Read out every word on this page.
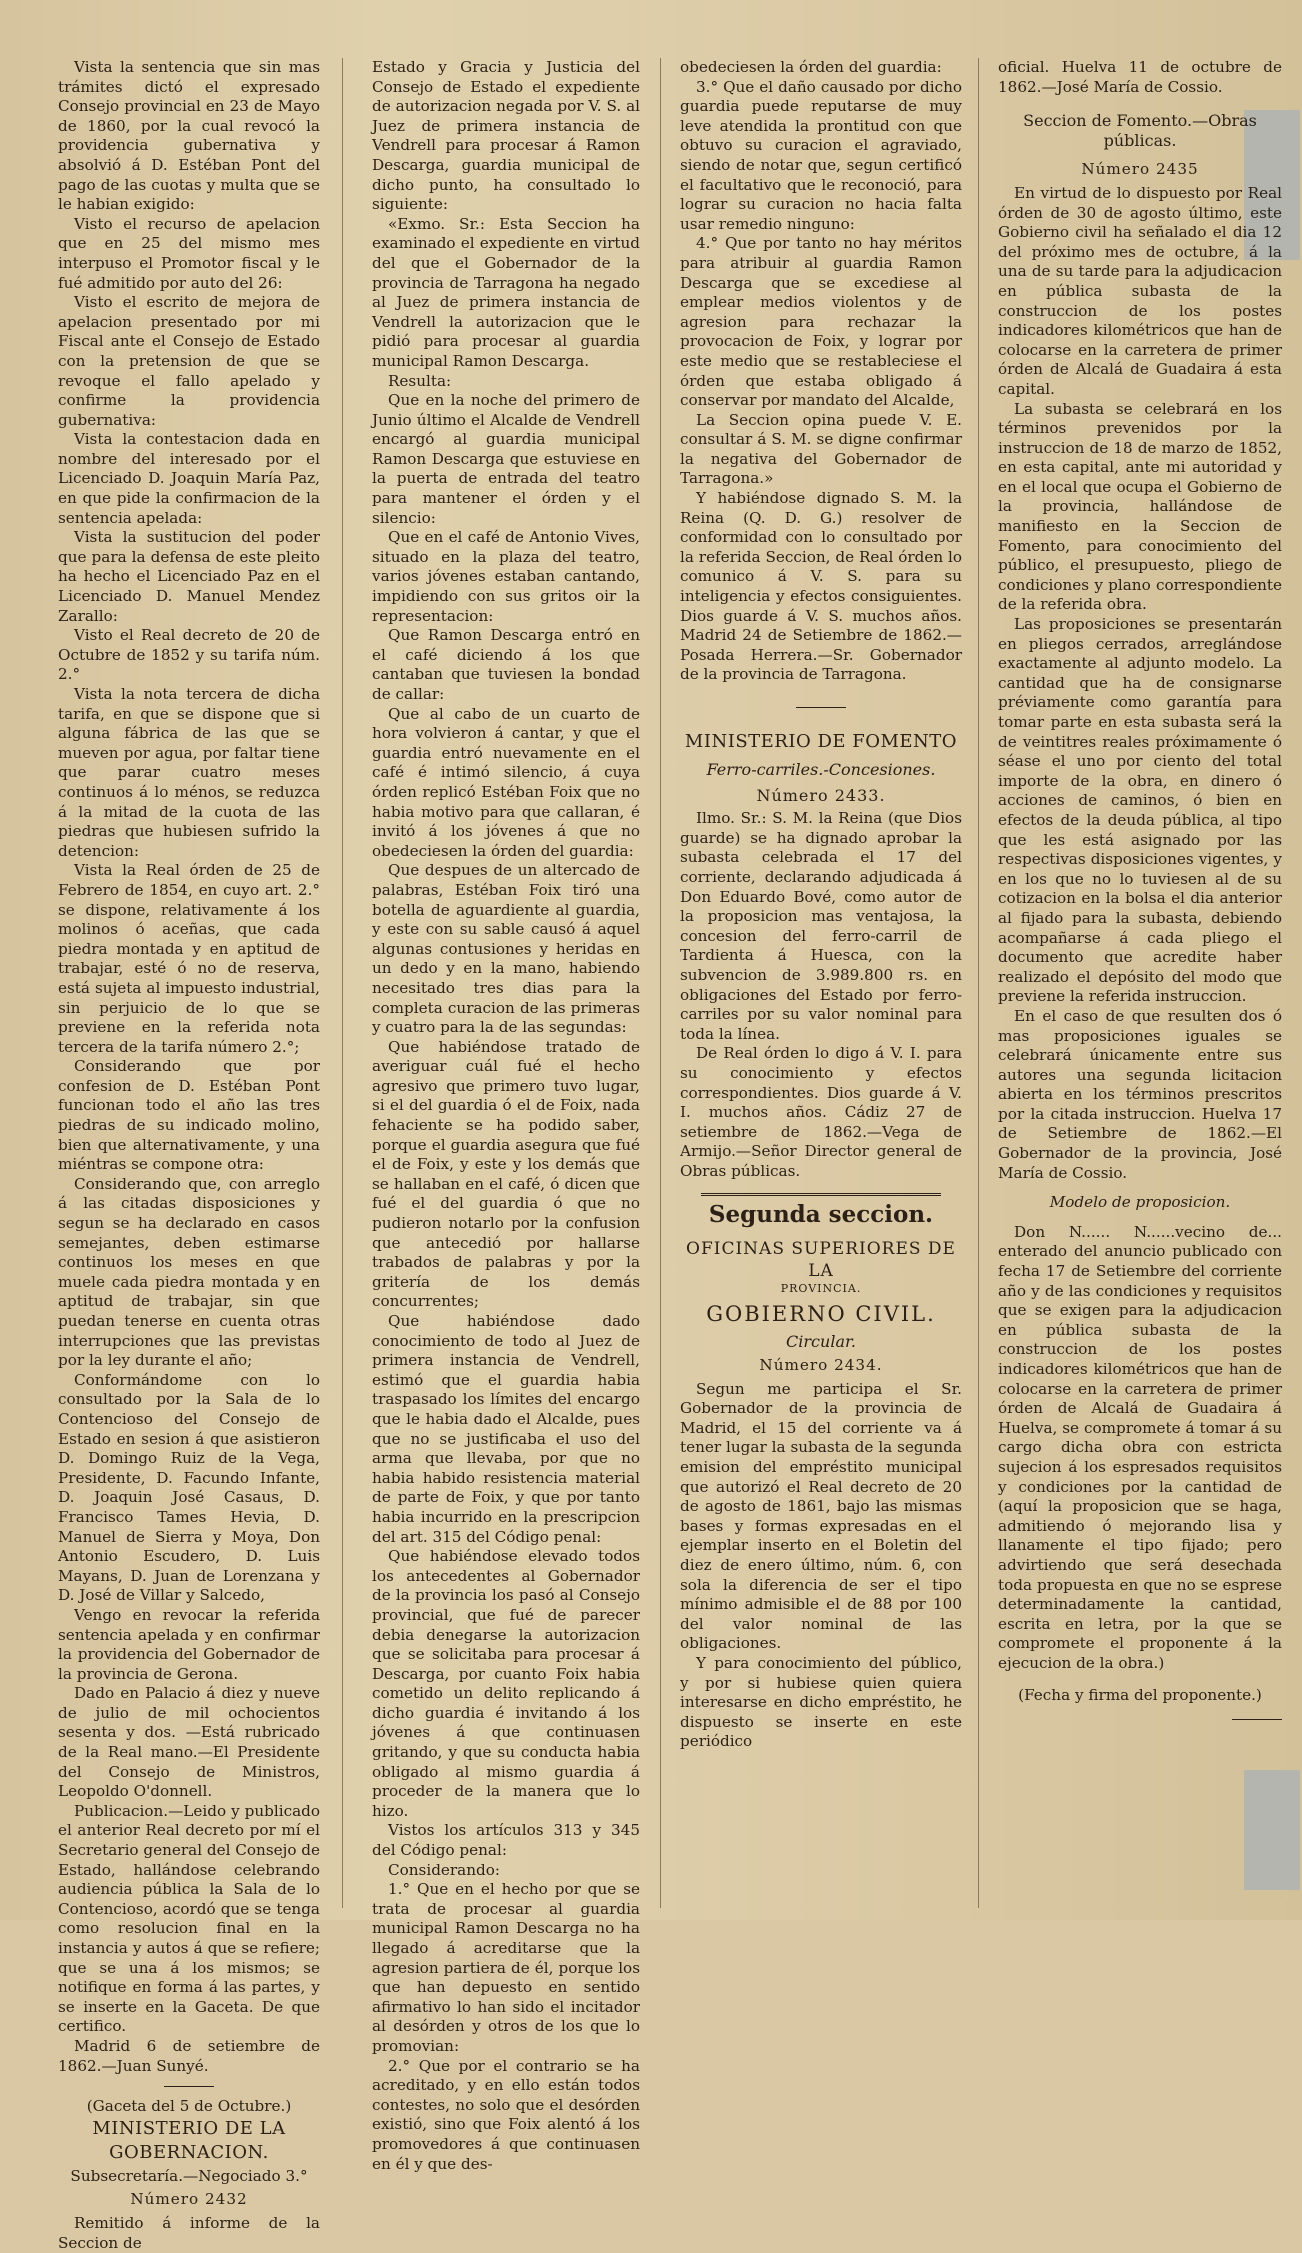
Vista la sentencia que sin mas trámites dictó el expresado Consejo provincial en 23 de Mayo de 1860, por la cual revocó la providencia gubernativa y absolvió á D. Estéban Pont del pago de las cuotas y multa que se le habian exigido:

Visto el recurso de apelacion que en 25 del mismo mes interpuso el Promotor fiscal y le fué admitido por auto del 26:

Visto el escrito de mejora de apelacion presentado por mi Fiscal ante el Consejo de Estado con la pretension de que se revoque el fallo apelado y confirme la providencia gubernativa:

Vista la contestacion dada en nombre del interesado por el Licenciado D. Joaquin María Paz, en que pide la confirmacion de la sentencia apelada:

Vista la sustitucion del poder que para la defensa de este pleito ha hecho el Licenciado Paz en el Licenciado D. Manuel Mendez Zarallo:

Visto el Real decreto de 20 de Octubre de 1852 y su tarifa núm. 2.°

Vista la nota tercera de dicha tarifa, en que se dispone que si alguna fábrica de las que se mueven por agua, por faltar tiene que parar cuatro meses continuos á lo ménos, se reduzca á la mitad de la cuota de las piedras que hubiesen sufrido la detencion:

Vista la Real órden de 25 de Febrero de 1854, en cuyo art. 2.° se dispone, relativamente á los molinos ó aceñas, que cada piedra montada y en aptitud de trabajar, esté ó no de reserva, está sujeta al impuesto industrial, sin perjuicio de lo que se previene en la referida nota tercera de la tarifa número 2.°;

Considerando que por confesion de D. Estéban Pont funcionan todo el año las tres piedras de su indicado molino, bien que alternativamente, y una miéntras se compone otra:

Considerando que, con arreglo á las citadas disposiciones y segun se ha declarado en casos semejantes, deben estimarse continuos los meses en que muele cada piedra montada y en aptitud de trabajar, sin que puedan tenerse en cuenta otras interrupciones que las previstas por la ley durante el año;

Conformándome con lo consultado por la Sala de lo Contencioso del Consejo de Estado en sesion á que asistieron D. Domingo Ruiz de la Vega, Presidente, D. Facundo Infante, D. Joaquin José Casaus, D. Francisco Tames Hevia, D. Manuel de Sierra y Moya, Don Antonio Escudero, D. Luis Mayans, D. Juan de Lorenzana y D. José de Villar y Salcedo,

Vengo en revocar la referida sentencia apelada y en confirmar la providencia del Gobernador de la provincia de Gerona.

Dado en Palacio á diez y nueve de julio de mil ochocientos sesenta y dos. —Está rubricado de la Real mano.—El Presidente del Consejo de Ministros, Leopoldo O'donnell.

Publicacion.—Leido y publicado el anterior Real decreto por mí el Secretario general del Consejo de Estado, hallándose celebrando audiencia pública la Sala de lo Contencioso, acordó que se tenga como resolucion final en la instancia y autos á que se refiere; que se una á los mismos; se notifique en forma á las partes, y se inserte en la Gaceta. De que certifico.

Madrid 6 de setiembre de 1862.—Juan Sunyé.

(Gaceta del 5 de Octubre.)

MINISTERIO DE LA GOBERNACION.

Subsecretaría.—Negociado 3.°

Número 2432

Remitido á informe de la Seccion de

Estado y Gracia y Justicia del Consejo de Estado el expediente de autorizacion negada por V. S. al Juez de primera instancia de Vendrell para procesar á Ramon Descarga, guardia municipal de dicho punto, ha consultado lo siguiente:

«Exmo. Sr.: Esta Seccion ha examinado el expediente en virtud del que el Gobernador de la provincia de Tarragona ha negado al Juez de primera instancia de Vendrell la autorizacion que le pidió para procesar al guardia municipal Ramon Descarga.

Resulta:

Que en la noche del primero de Junio último el Alcalde de Vendrell encargó al guardia municipal Ramon Descarga que estuviese en la puerta de entrada del teatro para mantener el órden y el silencio:

Que en el café de Antonio Vives, situado en la plaza del teatro, varios jóvenes estaban cantando, impidiendo con sus gritos oir la representacion:

Que Ramon Descarga entró en el café diciendo á los que cantaban que tuviesen la bondad de callar:

Que al cabo de un cuarto de hora volvieron á cantar, y que el guardia entró nuevamente en el café é intimó silencio, á cuya órden replicó Estéban Foix que no habia motivo para que callaran, é invitó á los jóvenes á que no obedeciesen la órden del guardia:

Que despues de un altercado de palabras, Estéban Foix tiró una botella de aguardiente al guardia, y este con su sable causó á aquel algunas contusiones y heridas en un dedo y en la mano, habiendo necesitado tres dias para la completa curacion de las primeras y cuatro para la de las segundas:

Que habiéndose tratado de averiguar cuál fué el hecho agresivo que primero tuvo lugar, si el del guardia ó el de Foix, nada fehaciente se ha podido saber, porque el guardia asegura que fué el de Foix, y este y los demás que se hallaban en el café, ó dicen que fué el del guardia ó que no pudieron notarlo por la confusion que antecedió por hallarse trabados de palabras y por la gritería de los demás concurrentes;

Que habiéndose dado conocimiento de todo al Juez de primera instancia de Vendrell, estimó que el guardia habia traspasado los límites del encargo que le habia dado el Alcalde, pues que no se justificaba el uso del arma que llevaba, por que no habia habido resistencia material de parte de Foix, y que por tanto habia incurrido en la prescripcion del art. 315 del Código penal:

Que habiéndose elevado todos los antecedentes al Gobernador de la provincia los pasó al Consejo provincial, que fué de parecer debia denegarse la autorizacion que se solicitaba para procesar á Descarga, por cuanto Foix habia cometido un delito replicando á dicho guardia é invitando á los jóvenes á que continuasen gritando, y que su conducta habia obligado al mismo guardia á proceder de la manera que lo hizo.

Vistos los artículos 313 y 345 del Código penal:

Considerando:

1.° Que en el hecho por que se trata de procesar al guardia municipal Ramon Descarga no ha llegado á acreditarse que la agresion partiera de él, porque los que han depuesto en sentido afirmativo lo han sido el incitador al desórden y otros de los que lo promovian:

2.° Que por el contrario se ha acreditado, y en ello están todos contestes, no solo que el desórden existió, sino que Foix alentó á los promovedores á que continuasen en él y que des-

obedeciesen la órden del guardia:

3.° Que el daño causado por dicho guardia puede reputarse de muy leve atendida la prontitud con que obtuvo su curacion el agraviado, siendo de notar que, segun certificó el facultativo que le reconoció, para lograr su curacion no hacia falta usar remedio ninguno:

4.° Que por tanto no hay méritos para atribuir al guardia Ramon Descarga que se excediese al emplear medios violentos y de agresion para rechazar la provocacion de Foix, y lograr por este medio que se restableciese el órden que estaba obligado á conservar por mandato del Alcalde,

La Seccion opina puede V. E. consultar á S. M. se digne confirmar la negativa del Gobernador de Tarragona.»

Y habiéndose dignado S. M. la Reina (Q. D. G.) resolver de conformidad con lo consultado por la referida Seccion, de Real órden lo comunico á V. S. para su inteligencia y efectos consiguientes. Dios guarde á V. S. muchos años. Madrid 24 de Setiembre de 1862.—Posada Herrera.—Sr. Gobernador de la provincia de Tarragona.

MINISTERIO DE FOMENTO

Ferro-carriles.-Concesiones.

Número 2433.

Ilmo. Sr.: S. M. la Reina (que Dios guarde) se ha dignado aprobar la subasta celebrada el 17 del corriente, declarando adjudicada á Don Eduardo Bové, como autor de la proposicion mas ventajosa, la concesion del ferro-carril de Tardienta á Huesca, con la subvencion de 3.989.800 rs. en obligaciones del Estado por ferro-carriles por su valor nominal para toda la línea.

De Real órden lo digo á V. I. para su conocimiento y efectos correspondientes. Dios guarde á V. I. muchos años. Cádiz 27 de setiembre de 1862.—Vega de Armijo.—Señor Director general de Obras públicas.

Segunda seccion.

OFICINAS SUPERIORES DE LA

PROVINCIA.

GOBIERNO CIVIL.

Circular.

Número 2434.

Segun me participa el Sr. Gobernador de la provincia de Madrid, el 15 del corriente va á tener lugar la subasta de la segunda emision del empréstito municipal que autorizó el Real decreto de 20 de agosto de 1861, bajo las mismas bases y formas expresadas en el ejemplar inserto en el Boletin del diez de enero último, núm. 6, con sola la diferencia de ser el tipo mínimo admisible el de 88 por 100 del valor nominal de las obligaciones.

Y para conocimiento del público, y por si hubiese quien quiera interesarse en dicho empréstito, he dispuesto se inserte en este periódico

oficial. Huelva 11 de octubre de 1862.—José María de Cossio.

Seccion de Fomento.—Obras públicas.

Número 2435

En virtud de lo dispuesto por Real órden de 30 de agosto último, este Gobierno civil ha señalado el dia 12 del próximo mes de octubre, á la una de su tarde para la adjudicacion en pública subasta de la construccion de los postes indicadores kilométricos que han de colocarse en la carretera de primer órden de Alcalá de Guadaira á esta capital.

La subasta se celebrará en los términos prevenidos por la instruccion de 18 de marzo de 1852, en esta capital, ante mi autoridad y en el local que ocupa el Gobierno de la provincia, hallándose de manifiesto en la Seccion de Fomento, para conocimiento del público, el presupuesto, pliego de condiciones y plano correspondiente de la referida obra.

Las proposiciones se presentarán en pliegos cerrados, arreglándose exactamente al adjunto modelo. La cantidad que ha de consignarse préviamente como garantía para tomar parte en esta subasta será la de veintitres reales próximamente ó séase el uno por ciento del total importe de la obra, en dinero ó acciones de caminos, ó bien en efectos de la deuda pública, al tipo que les está asignado por las respectivas disposiciones vigentes, y en los que no lo tuviesen al de su cotizacion en la bolsa el dia anterior al fijado para la subasta, debiendo acompañarse á cada pliego el documento que acredite haber realizado el depósito del modo que previene la referida instruccion.

En el caso de que resulten dos ó mas proposiciones iguales se celebrará únicamente entre sus autores una segunda licitacion abierta en los términos prescritos por la citada instruccion. Huelva 17 de Setiembre de 1862.—El Gobernador de la provincia, José María de Cossio.

Modelo de proposicion.

Don N...... N......vecino de... enterado del anuncio publicado con fecha 17 de Setiembre del corriente año y de las condiciones y requisitos que se exigen para la adjudicacion en pública subasta de la construccion de los postes indicadores kilométricos que han de colocarse en la carretera de primer órden de Alcalá de Guadaira á Huelva, se compromete á tomar á su cargo dicha obra con estricta sujecion á los espresados requisitos y condiciones por la cantidad de (aquí la proposicion que se haga, admitiendo ó mejorando lisa y llanamente el tipo fijado; pero advirtiendo que será desechada toda propuesta en que no se esprese determinadamente la cantidad, escrita en letra, por la que se compromete el proponente á la ejecucion de la obra.)

(Fecha y firma del proponente.)
